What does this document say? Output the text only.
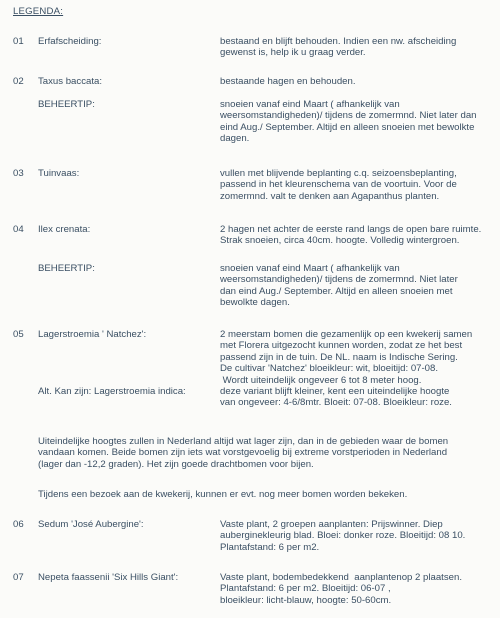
LEGENDA:
01 Erfafscheiding:	bestaand en blijft behouden. Indien een nw. afscheiding
gewenst is, help ik u graag verder.
02 Taxus baccata:	bestaande hagen en behouden.
BEHEERTIP:	snoeien vanaf eind Maart ( afhankelijk van
weersomstandigheden)/ tijdens de zomermnd. Niet later dan
eind Aug./ September. Altijd en alleen snoeien met bewolkte
dagen.
03 Tuinvaas:	vullen met blijvende beplanting c.q. seizoensbeplanting,
passend in het kleurenschema van de voortuin. Voor de
zomermnd. valt te denken aan Agapanthus planten.
04 Ilex crenata:	2 hagen net achter de eerste rand langs de open bare ruimte.
Strak snoeien, circa 40cm. hoogte. Volledig wintergroen.
BEHEERTIP:	snoeien vanaf eind Maart ( afhankelijk van
weersomstandigheden)/ tijdens de zomermnd. Niet later
dan eind Aug./ September. Altijd en alleen snoeien met
bewolkte dagen.
05 Lagerstroemia ' Natchez':	2 meerstam bomen die gezamenlijk op een kwekerij samen
met Florera uitgezocht kunnen worden, zodat ze het best
passend zijn in de tuin. De NL. naam is Indische Sering.
De cultivar 'Natchez' bloeikleur: wit, bloeitijd: 07-08.
Wordt uiteindelijk ongeveer 6 tot 8 meter hoog.
Alt. Kan zijn: Lagerstroemia indica:	deze variant blijft kleiner, kent een uiteindelijke hoogte
van ongeveer: 4-6/8mtr. Bloeit: 07-08. Bloeikleur: roze.
Uiteindelijke hoogtes zullen in Nederland altijd wat lager zijn, dan in de gebieden waar de bomen
vandaan komen. Beide bomen zijn iets wat vorstgevoelig bij extreme vorstperioden in Nederland
(lager dan -12,2 graden). Het zijn goede drachtbomen voor bijen.
Tijdens een bezoek aan de kwekerij, kunnen er evt. nog meer bomen worden bekeken.
06 Sedum 'José Aubergine':	Vaste plant, 2 groepen aanplanten: Prijswinner. Diep
auberginekleurig blad. Bloei: donker roze. Bloeitijd: 08 10.
Plantafstand: 6 per m2.
07 Nepeta faassenii 'Six Hills Giant':	Vaste plant, bodembedekkend  aanplantenop 2 plaatsen.
Plantafstand: 6 per m2. Bloeitijd: 06-07 ,
bloeikleur: licht-blauw, hoogte: 50-60cm.
